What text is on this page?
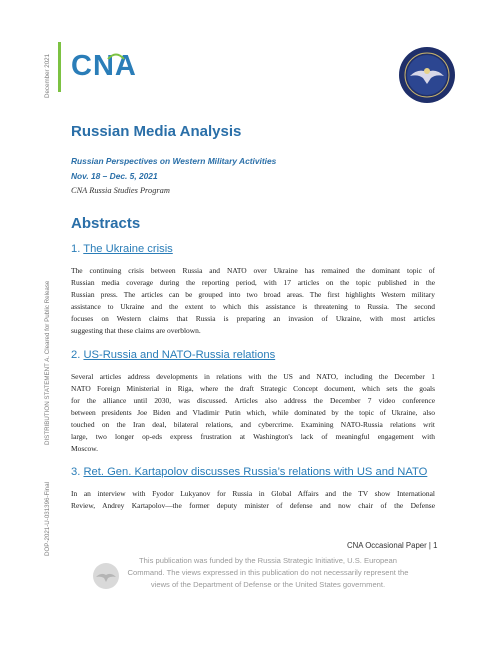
December 2021
DISTRIBUTION STATEMENT A. Cleared for Public Release
DOP-2021-U-031396-Final
CNA
Russian Media Analysis
Russian Perspectives on Western Military Activities
Nov. 18 – Dec. 5, 2021
CNA Russia Studies Program
Abstracts
1. The Ukraine crisis
The continuing crisis between Russia and NATO over Ukraine has remained the dominant topic of
Russian media coverage during the reporting period, with 17 articles on the topic published in the
Russian press. The articles can be grouped into two broad areas. The first highlights Western military
assistance to Ukraine and the extent to which this assistance is threatening to Russia. The second
focuses on Western claims that Russia is preparing an invasion of Ukraine, with most articles
suggesting that these claims are overblown.
2. US-Russia and NATO-Russia relations
Several articles address developments in relations with the US and NATO, including the December 1
NATO Foreign Ministerial in Riga, where the draft Strategic Concept document, which sets the goals
for the alliance until 2030, was discussed. Articles also address the December 7 video conference
between presidents Joe Biden and Vladimir Putin which, while dominated by the topic of Ukraine, also
touched on the Iran deal, bilateral relations, and cybercrime. Examining NATO-Russia relations writ
large, two longer op-eds express frustration at Washington's lack of meaningful engagement with
Moscow.
3. Ret. Gen. Kartapolov discusses Russia’s relations with US and NATO
In an interview with Fyodor Lukyanov for Russia in Global Affairs and the TV show International
Review, Andrey Kartapolov—the former deputy minister of defense and now chair of the Defense
CNA Occasional Paper | 1
This publication was funded by the Russia Strategic Initiative, U.S. European
Command. The views expressed in this publication do not necessarily represent the
views of the Department of Defense or the United States government.
